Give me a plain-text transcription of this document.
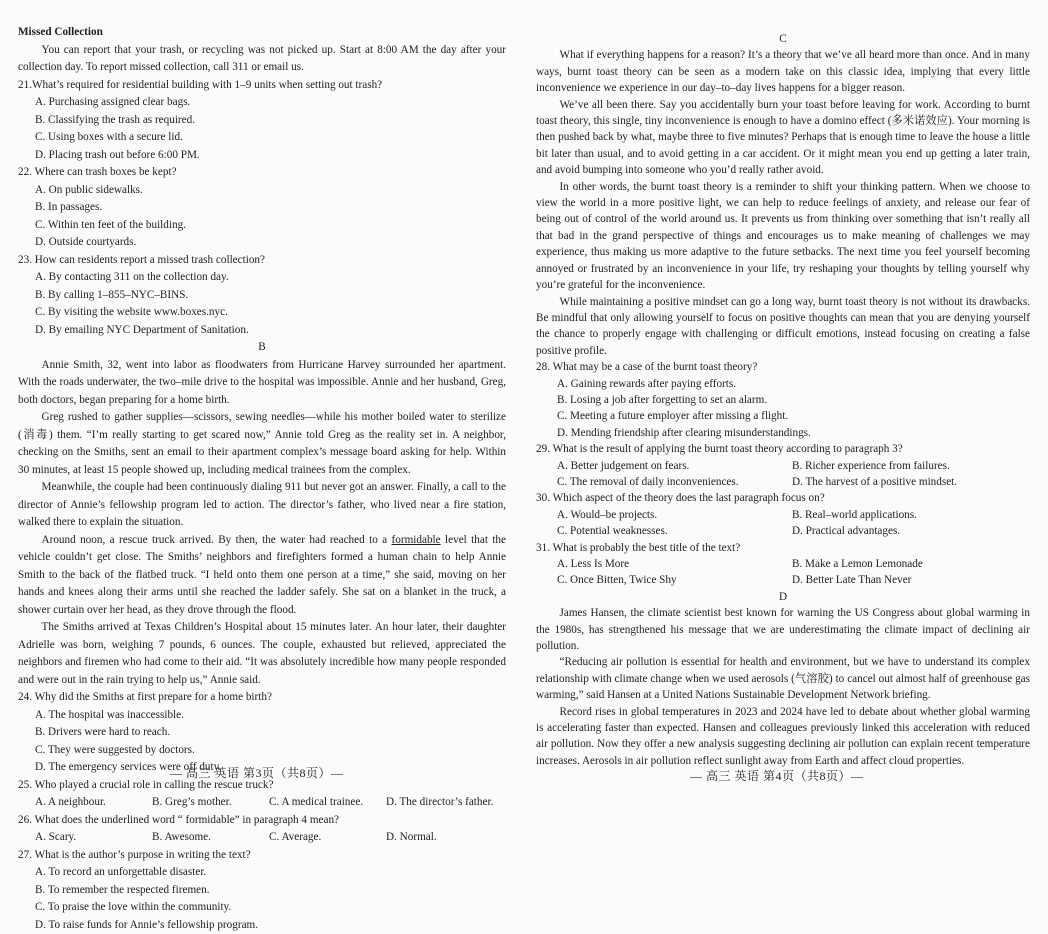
Missed Collection
You can report that your trash, or recycling was not picked up. Start at 8:00 AM the day after your collection day. To report missed collection, call 311 or email us.
21.What’s required for residential building with 1–9 units when setting out trash?
A. Purchasing assigned clear bags.
B. Classifying the trash as required.
C. Using boxes with a secure lid.
D. Placing trash out before 6:00 PM.
22. Where can trash boxes be kept?
A. On public sidewalks.
B. In passages.
C. Within ten feet of the building.
D. Outside courtyards.
23. How can residents report a missed trash collection?
A. By contacting 311 on the collection day.
B. By calling 1–855–NYC–BINS.
C. By visiting the website www.boxes.nyc.
D. By emailing NYC Department of Sanitation.
B
Annie Smith, 32, went into labor as floodwaters from Hurricane Harvey surrounded her apartment. With the roads underwater, the two–mile drive to the hospital was impossible. Annie and her husband, Greg, both doctors, began preparing for a home birth.
Greg rushed to gather supplies—scissors, sewing needles—while his mother boiled water to sterilize (消毒) them. “I’m really starting to get scared now,” Annie told Greg as the reality set in. A neighbor, checking on the Smiths, sent an email to their apartment complex’s message board asking for help. Within 30 minutes, at least 15 people showed up, including medical trainees from the complex.
Meanwhile, the couple had been continuously dialing 911 but never got an answer. Finally, a call to the director of Annie’s fellowship program led to action. The director’s father, who lived near a fire station, walked there to explain the situation.
Around noon, a rescue truck arrived. By then, the water had reached to a formidable level that the vehicle couldn’t get close. The Smiths’ neighbors and firefighters formed a human chain to help Annie Smith to the back of the flatbed truck. “I held onto them one person at a time,” she said, moving on her hands and knees along their arms until she reached the ladder safely. She sat on a blanket in the truck, a shower curtain over her head, as they drove through the flood.
The Smiths arrived at Texas Children’s Hospital about 15 minutes later. An hour later, their daughter Adrielle was born, weighing 7 pounds, 6 ounces. The couple, exhausted but relieved, appreciated the neighbors and firemen who had come to their aid. “It was absolutely incredible how many people responded and were out in the rain trying to help us,” Annie said.
24. Why did the Smiths at first prepare for a home birth?
A. The hospital was inaccessible.
B. Drivers were hard to reach.
C. They were suggested by doctors.
D. The emergency services were off duty.
25. Who played a crucial role in calling the rescue truck?
A. A neighbour.	B. Greg’s mother.	C. A medical trainee.	D. The director’s father.
26. What does the underlined word “ formidable” in paragraph 4 mean?
A. Scary.	B. Awesome.	C. Average.	D. Normal.
27. What is the author’s purpose in writing the text?
A. To record an unforgettable disaster.
B. To remember the respected firemen.
C. To praise the love within the community.
D. To raise funds for Annie’s fellowship program.
C
What if everything happens for a reason? It’s a theory that we’ve all heard more than once. And in many ways, burnt toast theory can be seen as a modern take on this classic idea, implying that every little inconvenience we experience in our day–to–day lives happens for a bigger reason.
We’ve all been there. Say you accidentally burn your toast before leaving for work. According to burnt toast theory, this single, tiny inconvenience is enough to have a domino effect (多米诺效应). Your morning is then pushed back by what, maybe three to five minutes? Perhaps that is enough time to leave the house a little bit later than usual, and to avoid getting in a car accident. Or it might mean you end up getting a later train, and avoid bumping into someone who you’d really rather avoid.
In other words, the burnt toast theory is a reminder to shift your thinking pattern. When we choose to view the world in a more positive light, we can help to reduce feelings of anxiety, and release our fear of being out of control of the world around us. It prevents us from thinking over something that isn’t really all that bad in the grand perspective of things and encourages us to make meaning of challenges we may experience, thus making us more adaptive to the future setbacks. The next time you feel yourself becoming annoyed or frustrated by an inconvenience in your life, try reshaping your thoughts by telling yourself why you’re grateful for the inconvenience.
While maintaining a positive mindset can go a long way, burnt toast theory is not without its drawbacks. Be mindful that only allowing yourself to focus on positive thoughts can mean that you are denying yourself the chance to properly engage with challenging or difficult emotions, instead focusing on creating a false positive profile.
28. What may be a case of the burnt toast theory?
A. Gaining rewards after paying efforts.
B. Losing a job after forgetting to set an alarm.
C. Meeting a future employer after missing a flight.
D. Mending friendship after clearing misunderstandings.
29. What is the result of applying the burnt toast theory according to paragraph 3?
A. Better judgement on fears.	B. Richer experience from failures.
C. The removal of daily inconveniences.	D. The harvest of a positive mindset.
30. Which aspect of the theory does the last paragraph focus on?
A. Would–be projects.	B. Real–world applications.
C. Potential weaknesses.	D. Practical advantages.
31. What is probably the best title of the text?
A. Less Is More	B. Make a Lemon Lemonade
C. Once Bitten, Twice Shy	D. Better Late Than Never
D
James Hansen, the climate scientist best known for warning the US Congress about global warming in the 1980s, has strengthened his message that we are underestimating the climate impact of declining air pollution.
“Reducing air pollution is essential for health and environment, but we have to understand its complex relationship with climate change when we used aerosols (气溶胶) to cancel out almost half of greenhouse gas warming,” said Hansen at a United Nations Sustainable Development Network briefing.
Record rises in global temperatures in 2023 and 2024 have led to debate about whether global warming is accelerating faster than expected. Hansen and colleagues previously linked this acceleration with reduced air pollution. Now they offer a new analysis suggesting declining air pollution can explain recent temperature increases. Aerosols in air pollution reflect sunlight away from Earth and affect cloud properties.
— 高三 英语 第3页（共8页）—	— 高三 英语 第4页（共8页）—
